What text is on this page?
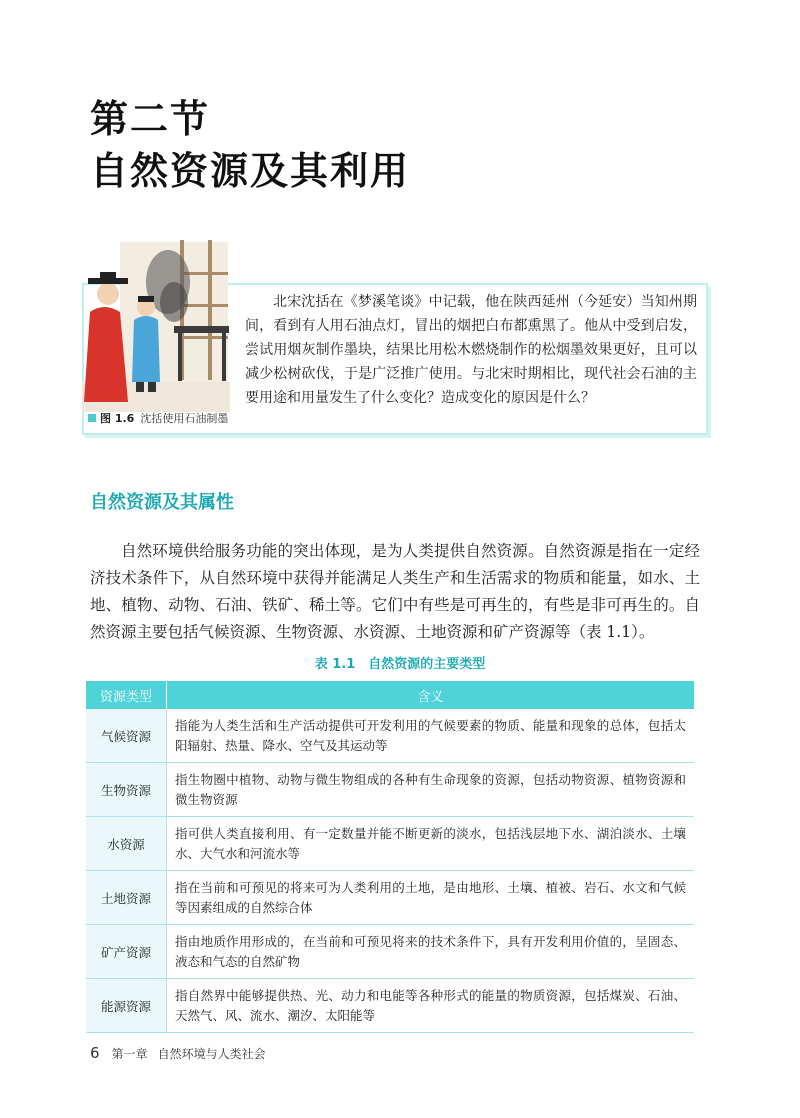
第二节
自然资源及其利用
图 1.6 沈括使用石油制墨
北宋沈括在《梦溪笔谈》中记载，他在陕西延州（今延安）当知州期间，看到有人用石油点灯，冒出的烟把白布都熏黑了。他从中受到启发，尝试用烟灰制作墨块，结果比用松木燃烧制作的松烟墨效果更好，且可以减少松树砍伐，于是广泛推广使用。与北宋时期相比，现代社会石油的主要用途和用量发生了什么变化？造成变化的原因是什么？
自然资源及其属性
自然环境供给服务功能的突出体现，是为人类提供自然资源。自然资源是指在一定经济技术条件下，从自然环境中获得并能满足人类生产和生活需求的物质和能量，如水、土地、植物、动物、石油、铁矿、稀土等。它们中有些是可再生的，有些是非可再生的。自然资源主要包括气候资源、生物资源、水资源、土地资源和矿产资源等（表 1.1）。
表 1.1　自然资源的主要类型
资源类型	含义
气候资源	指能为人类生活和生产活动提供可开发利用的气候要素的物质、能量和现象的总体，包括太阳辐射、热量、降水、空气及其运动等
生物资源	指生物圈中植物、动物与微生物组成的各种有生命现象的资源，包括动物资源、植物资源和微生物资源
水资源	指可供人类直接利用、有一定数量并能不断更新的淡水，包括浅层地下水、湖泊淡水、土壤水、大气水和河流水等
土地资源	指在当前和可预见的将来可为人类利用的土地，是由地形、土壤、植被、岩石、水文和气候等因素组成的自然综合体
矿产资源	指由地质作用形成的，在当前和可预见将来的技术条件下，具有开发利用价值的，呈固态、液态和气态的自然矿物
能源资源	指自然界中能够提供热、光、动力和电能等各种形式的能量的物质资源，包括煤炭、石油、天然气、风、流水、潮汐、太阳能等
6 第一章 自然环境与人类社会
